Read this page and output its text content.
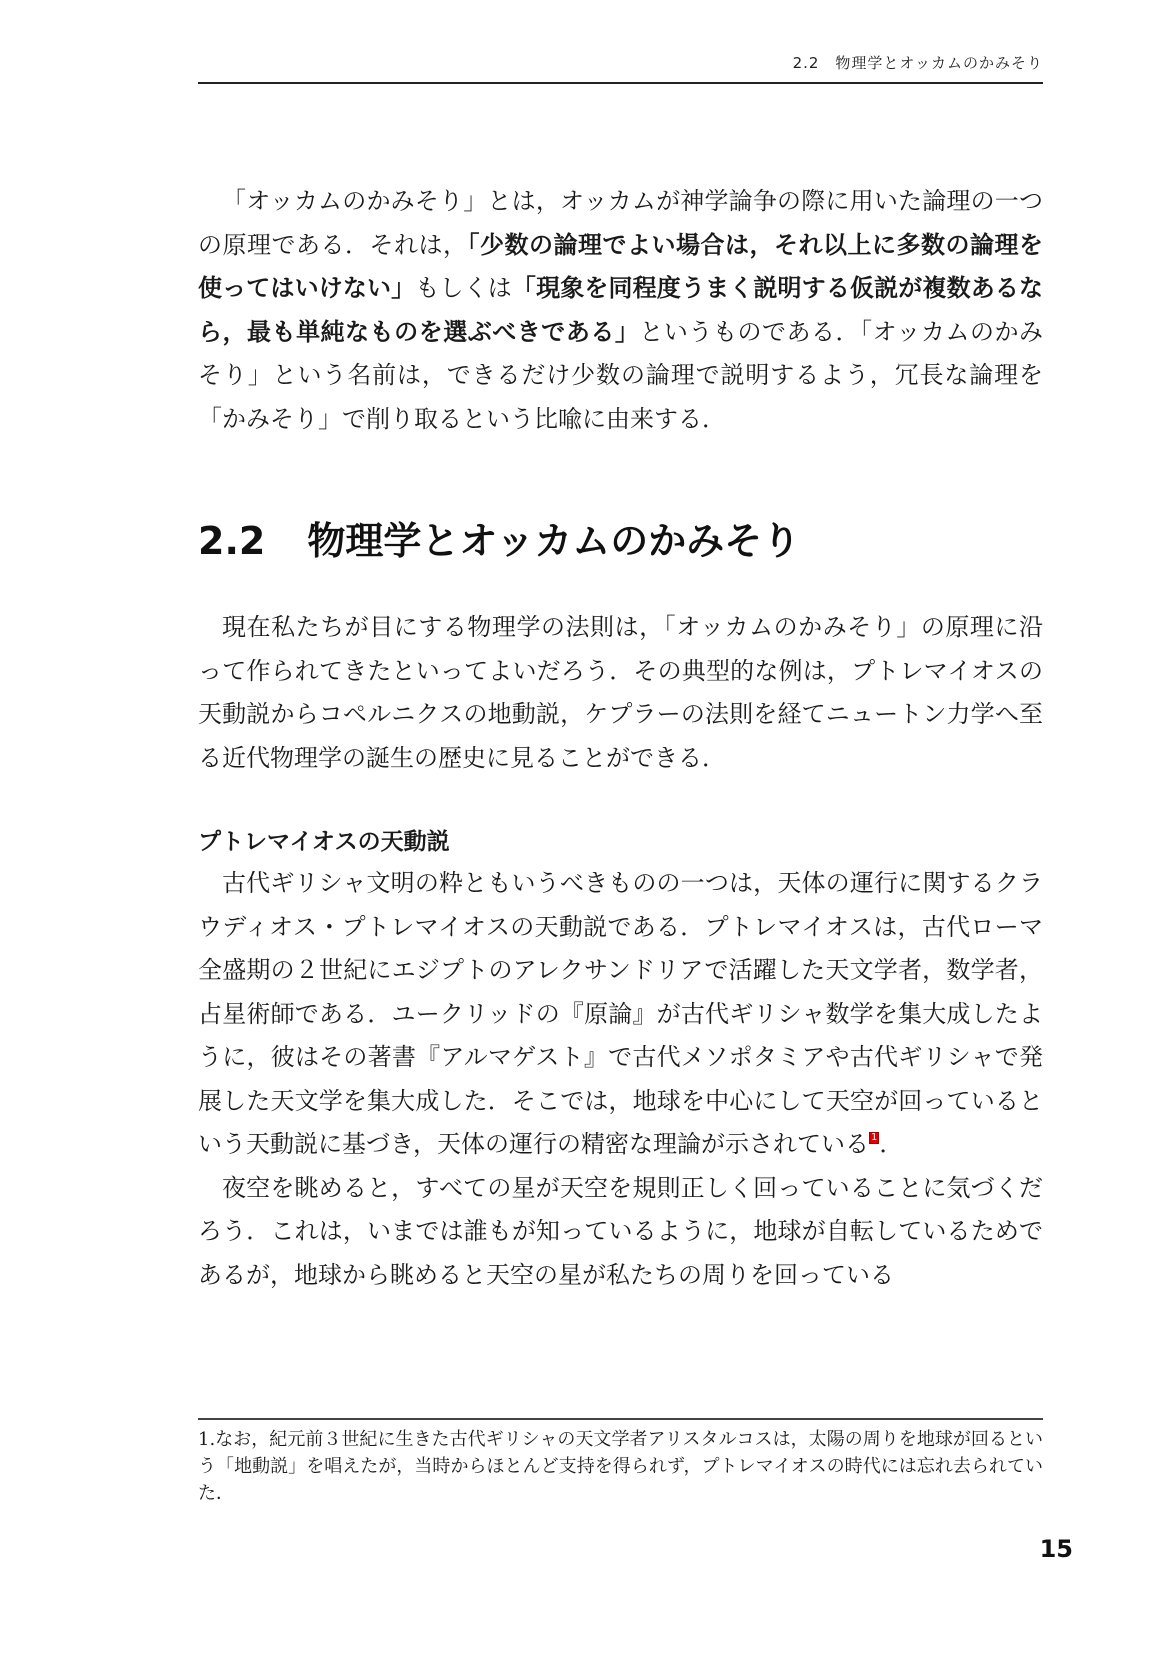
2.2　物理学とオッカムのかみそり

「オッカムのかみそり」とは，オッカムが神学論争の際に用いた論理の一つの原理である．それは，「少数の論理でよい場合は，それ以上に多数の論理を使ってはいけない」もしくは「現象を同程度うまく説明する仮説が複数あるなら，最も単純なものを選ぶべきである」というものである．「オッカムのかみそり」という名前は，できるだけ少数の論理で説明するよう，冗長な論理を「かみそり」で削り取るという比喩に由来する．

2.2 物理学とオッカムのかみそり

現在私たちが目にする物理学の法則は，「オッカムのかみそり」の原理に沿って作られてきたといってよいだろう．その典型的な例は，プトレマイオスの天動説からコペルニクスの地動説，ケプラーの法則を経てニュートン力学へ至る近代物理学の誕生の歴史に見ることができる．

プトレマイオスの天動説

古代ギリシャ文明の粋ともいうべきものの一つは，天体の運行に関するクラウディオス・プトレマイオスの天動説である．プトレマイオスは，古代ローマ全盛期の２世紀にエジプトのアレクサンドリアで活躍した天文学者，数学者，占星術師である．ユークリッドの『原論』が古代ギリシャ数学を集大成したように，彼はその著書『アルマゲスト』で古代メソポタミアや古代ギリシャで発展した天文学を集大成した．そこでは，地球を中心にして天空が回っているという天動説に基づき，天体の運行の精密な理論が示されている 1．

夜空を眺めると，すべての星が天空を規則正しく回っていることに気づくだろう．これは，いまでは誰もが知っているように，地球が自転しているためであるが，地球から眺めると天空の星が私たちの周りを回っている

1.なお，紀元前３世紀に生きた古代ギリシャの天文学者アリスタルコスは，太陽の周りを地球が回るという「地動説」を唱えたが，当時からほとんど支持を得られず，プトレマイオスの時代には忘れ去られていた．

15
